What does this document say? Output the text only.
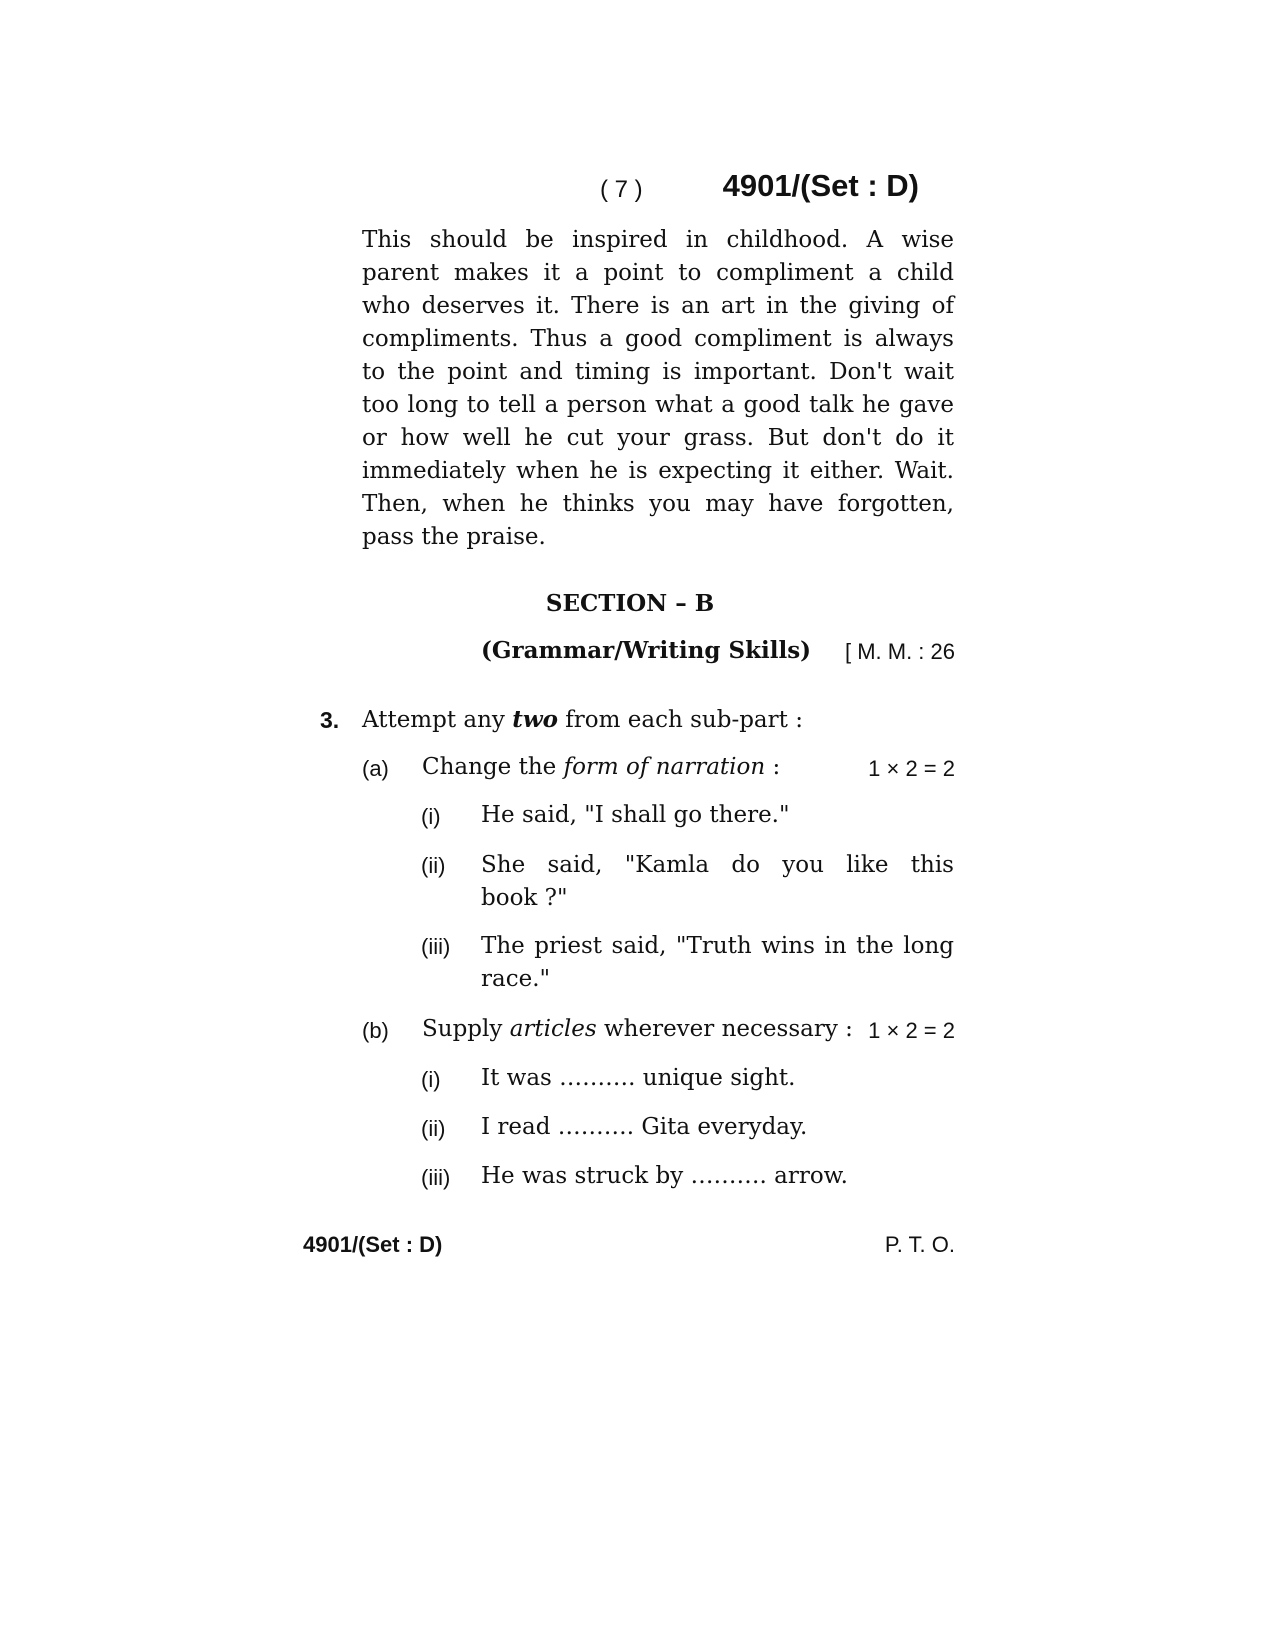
( 7 )	4901/(Set : D)
This should be inspired in childhood. A wise
parent makes it a point to compliment a child
who deserves it. There is an art in the giving of
compliments. Thus a good compliment is always
to the point and timing is important. Don't wait
too long to tell a person what a good talk he gave
or how well he cut your grass. But don't do it
immediately when he is expecting it either. Wait.
Then, when he thinks you may have forgotten,
pass the praise.
SECTION – B
(Grammar/Writing Skills) [ M. M. : 26
3. Attempt any two from each sub-part :
(a) Change the form of narration :	1 × 2 = 2
(i) He said, "I shall go there."
(ii) She said, "Kamla do you like this
book ?"
(iii) The priest said, "Truth wins in the long
race."
(b) Supply articles wherever necessary : 1 × 2 = 2
(i) It was ………. unique sight.
(ii) I read ………. Gita everyday.
(iii) He was struck by ………. arrow.
4901/(Set : D)	P. T. O.
